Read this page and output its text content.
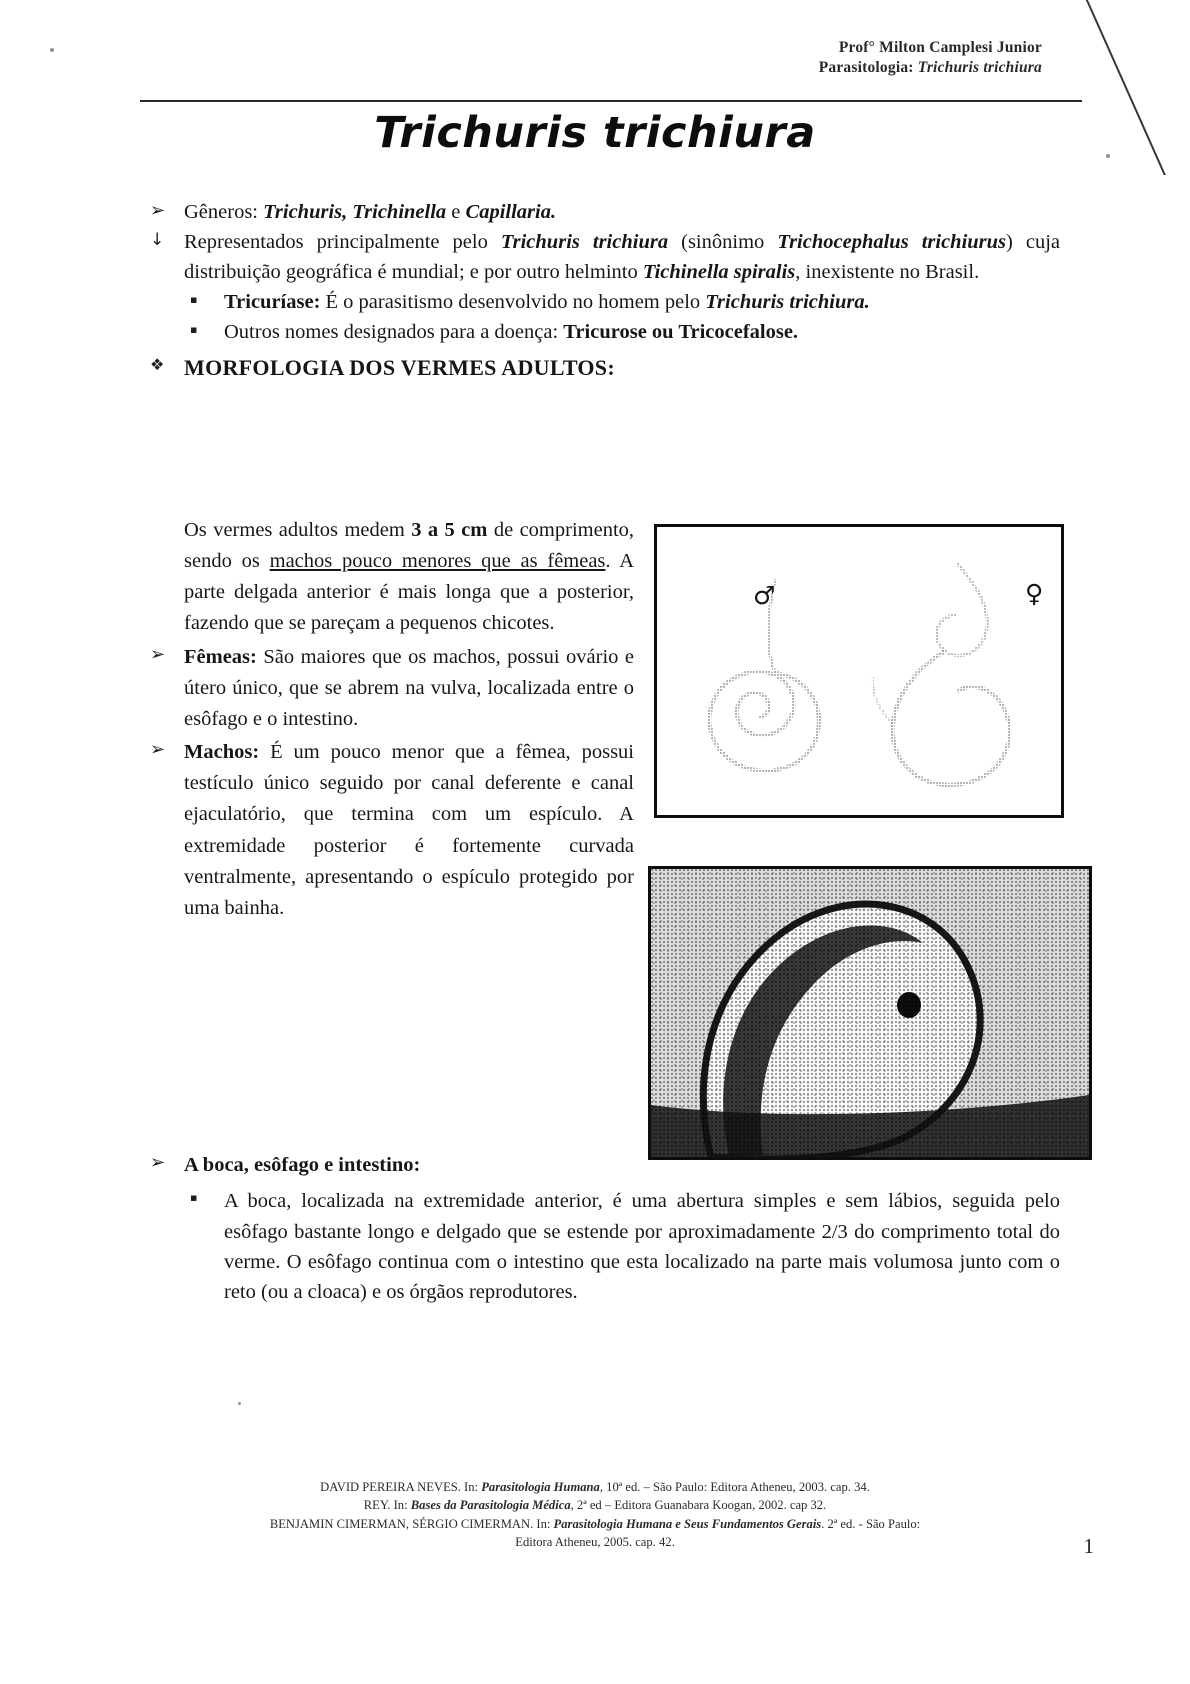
Prof° Milton Camplesi Junior
Parasitologia: Trichuris trichiura
Trichuris trichiura

➢ Gêneros: Trichuris, Trichinella e Capillaria.

↓ Representados principalmente pelo Trichuris trichiura (sinônimo Trichocephalus trichiurus) cuja distribuição geográfica é mundial; e por outro helminto Tichinella spiralis, inexistente no Brasil.

▪ Tricuríase: É o parasitismo desenvolvido no homem pelo Trichuris trichiura.

▪ Outros nomes designados para a doença: Tricurose ou Tricocefalose.

❖ MORFOLOGIA DOS VERMES ADULTOS:

♂	♀

Os vermes adultos medem 3 a 5 cm de comprimento, sendo os machos pouco menores que as fêmeas. A parte delgada anterior é mais longa que a posterior, fazendo que se pareçam a pequenos chicotes.

➢ Fêmeas: São maiores que os machos, possui ovário e útero único, que se abrem na vulva, localizada entre o esôfago e o intestino.

➢ Machos: É um pouco menor que a fêmea, possui testículo único seguido por canal deferente e canal ejaculatório, que termina com um espículo. A extremidade posterior é fortemente curvada ventralmente, apresentando o espículo protegido por uma bainha.

➢ A boca, esôfago e intestino:

▪ A boca, localizada na extremidade anterior, é uma abertura simples e sem lábios, seguida pelo esôfago bastante longo e delgado que se estende por aproximadamente 2/3 do comprimento total do verme. O esôfago continua com o intestino que esta localizado na parte mais volumosa junto com o reto (ou a cloaca) e os órgãos reprodutores.

DAVID PEREIRA NEVES. In: Parasitologia Humana, 10ª ed. – São Paulo: Editora Atheneu, 2003. cap. 34.
REY. In: Bases da Parasitologia Médica, 2ª ed – Editora Guanabara Koogan, 2002. cap 32.
BENJAMIN CIMERMAN, SÉRGIO CIMERMAN. In: Parasitologia Humana e Seus Fundamentos Gerais. 2ª ed. - São Paulo:
Editora Atheneu, 2005. cap. 42.	1
